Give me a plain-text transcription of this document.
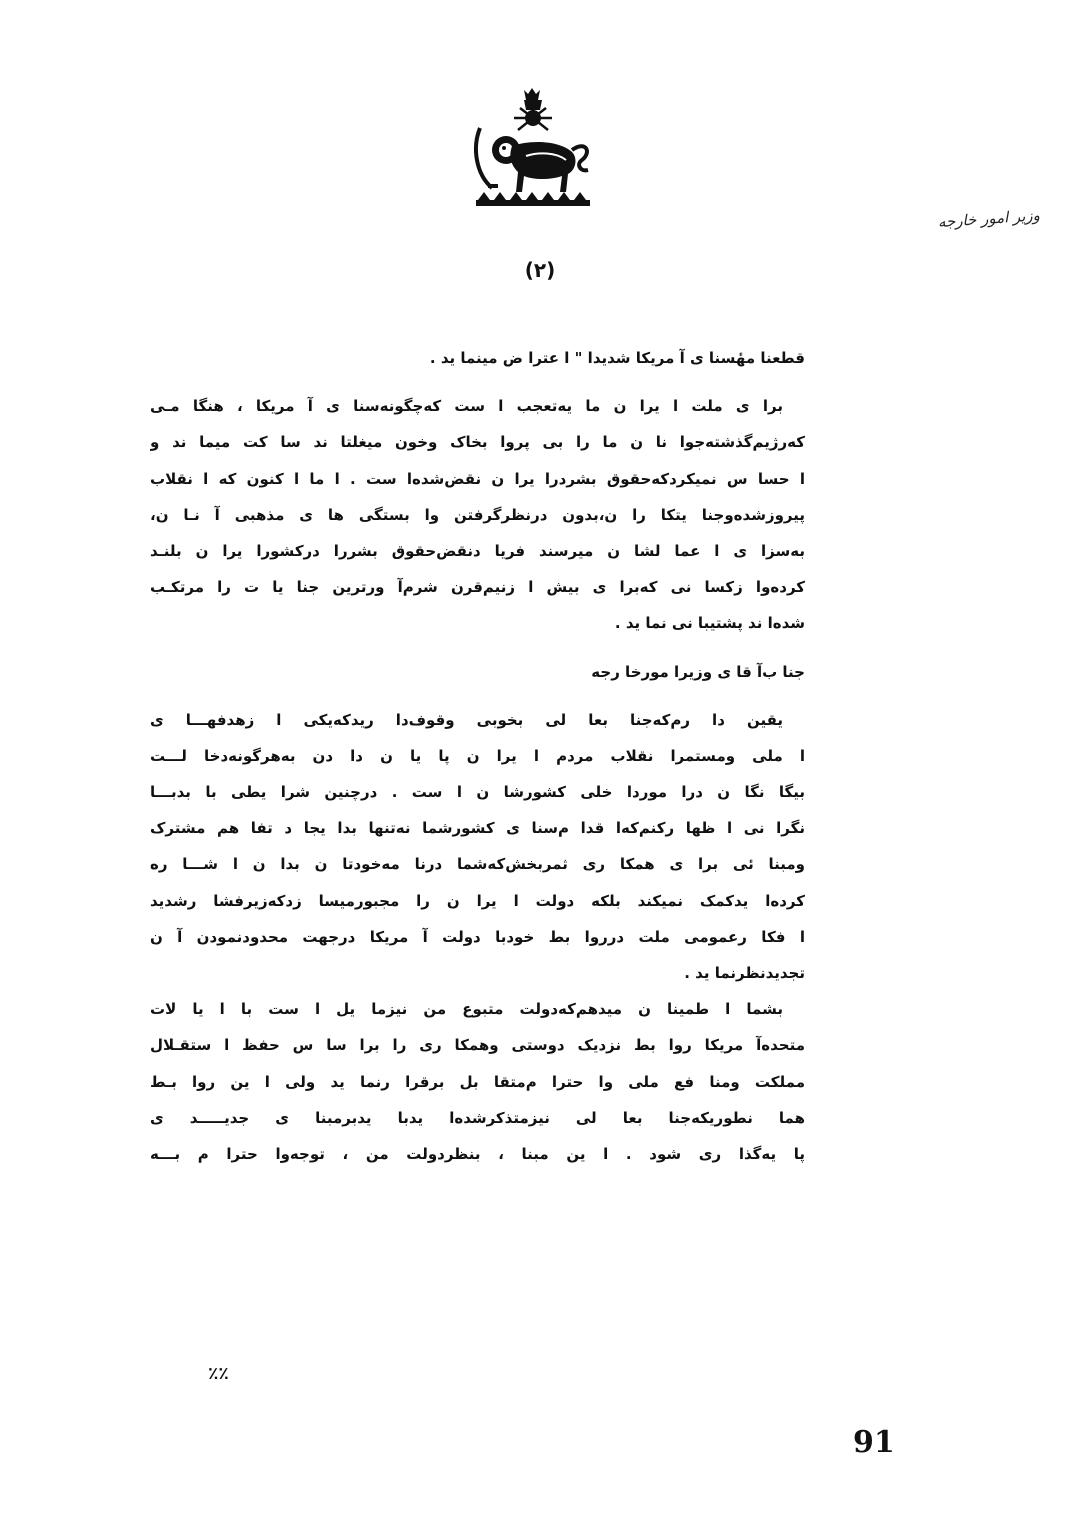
وزیر امور خارجه
(۲)
قطعنا مهٔسنا ی آ مریکا شدیدا " ا عترا ض مینما ید .
برا ی ملت ا یرا ن ما یه‌تعجب ا ست که‌چگونه‌سنا ی آ مریکا ، هنگا مـی
که‌رژیم‌گذشته‌جوا نا ن ما را بی پروا بخاک وخون میغلتا ند سا کت میما ند و
ا حسا س نمیکردکه‌حقوق بشردرا یرا ن نقض‌شده‌ا ست . ا ما ا کنون که ا نقلاب
پیروزشده‌وجنا یتکا را ن،بدون درنظرگرفتن وا بستگی ها ی مذهبی آ نـا ن،
به‌سزا ی ا عما لشا ن میرسند فریا دنقض‌حقوق بشررا درکشورا یرا ن بلنـد
کرده‌وا زکسا نی که‌برا ی بیش ا زنیم‌قرن شرم‌آ ورترین جنا یا ت را مرتکـب
شده‌ا ند پشتیبا نی نما ید .
جنا ب‌آ قا ی وزیرا مورخا رجه
یقین دا رم‌که‌جنا بعا لی بخوبی وقوف‌دا ریدکه‌یکی ا زهدفهـــا ی
ا ملی ومستمرا نقلاب مردم ا یرا ن پا یا ن دا دن به‌هرگونه‌دخا لـــت
بیگا نگا ن درا موردا خلی کشورشا ن ا ست . درچنین شرا یطی با بدبـــا
نگرا نی ا ظها رکنم‌که‌ا قدا م‌سنا ی کشورشما نه‌تنها بدا یجا د تفا هم مشترک
ومبنا ئی برا ی همکا ری ثمربخش‌که‌شما درنا مه‌خودتا ن بدا ن ا شـــا ره
کرده‌ا یدکمک نمیکند بلکه دولت ا یرا ن را مجبورمیسا زدکه‌زیرفشا رشدید
ا فکا رعمومی ملت درروا بط خودبا دولت آ مریکا درجهت محدودنمودن آ ن
تجدیدنظرنما ید .
بشما ا طمینا ن میدهم‌که‌دولت متبوع من نیزما یل ا ست با ا یا لات
متحده‌آ مریکا روا بط نزدیک دوستی وهمکا ری را برا سا س حفظ ا ستقـلال
مملکت ومنا فع ملی وا حترا م‌متقا بل برقرا رنما ید ولی ا ین روا بـط
هما نطوریکه‌جنا بعا لی نیزمتذکرشده‌ا یدبا یدبرمبنا ی جدیـــــد ی
پا یه‌گذا ری شود . ا ین مبنا ، بنظردولت من ، توجه‌وا حترا م بـــه
٪٪
91
